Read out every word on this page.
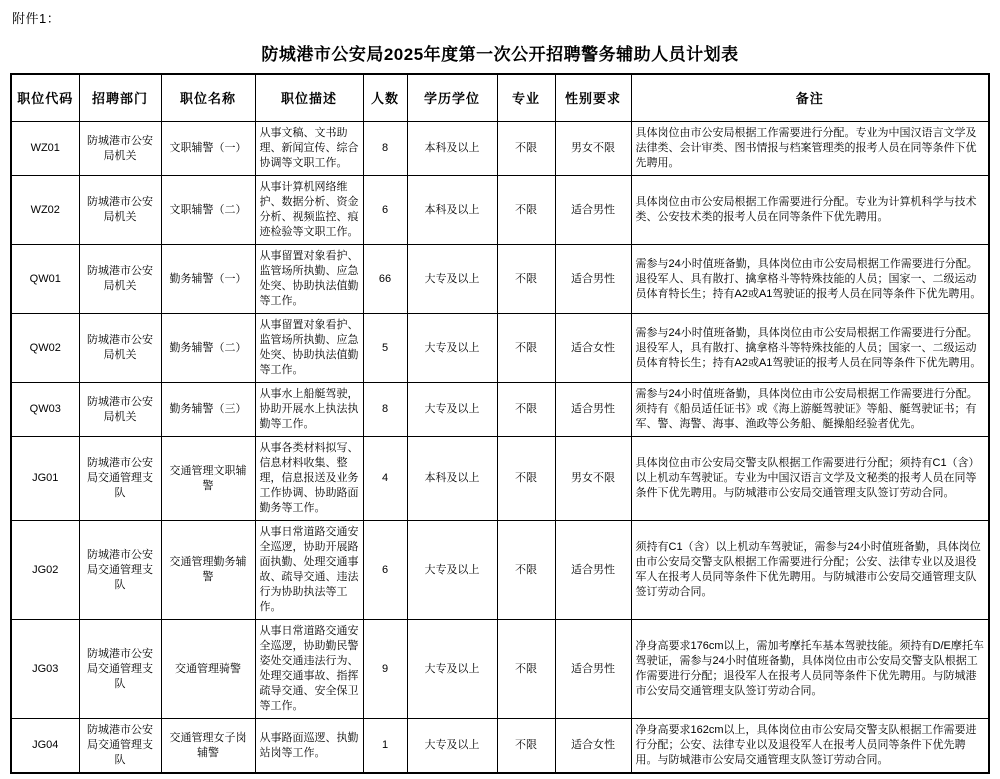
附件1：
防城港市公安局2025年度第一次公开招聘警务辅助人员计划表
职位代码	招聘部门	职位名称	职位描述	人数	学历学位	专业	性别要求	备注
WZ01	防城港市公安局机关	文职辅警（一）	从事文稿、文书助理、新闻宣传、综合协调等文职工作。	8	本科及以上	不限	男女不限	具体岗位由市公安局根据工作需要进行分配。专业为中国汉语言文学及法律类、会计审类、图书情报与档案管理类的报考人员在同等条件下优先聘用。
WZ02	防城港市公安局机关	文职辅警（二）	从事计算机网络维护、数据分析、资金分析、视频监控、痕迹检验等文职工作。	6	本科及以上	不限	适合男性	具体岗位由市公安局根据工作需要进行分配。专业为计算机科学与技术类、公安技术类的报考人员在同等条件下优先聘用。
QW01	防城港市公安局机关	勤务辅警（一）	从事留置对象看护、监管场所执勤、应急处突、协助执法值勤等工作。	66	大专及以上	不限	适合男性	需参与24小时值班备勤，具体岗位由市公安局根据工作需要进行分配。退役军人、具有散打、擒拿格斗等特殊技能的人员；国家一、二级运动员体育特长生；持有A2或A1驾驶证的报考人员在同等条件下优先聘用。
QW02	防城港市公安局机关	勤务辅警（二）	从事留置对象看护、监管场所执勤、应急处突、协助执法值勤等工作。	5	大专及以上	不限	适合女性	需参与24小时值班备勤，具体岗位由市公安局根据工作需要进行分配。退役军人，具有散打、擒拿格斗等特殊技能的人员；国家一、二级运动员体育特长生；持有A2或A1驾驶证的报考人员在同等条件下优先聘用。
QW03	防城港市公安局机关	勤务辅警（三）	从事水上船艇驾驶，协助开展水上执法执勤等工作。	8	大专及以上	不限	适合男性	需参与24小时值班备勤，具体岗位由市公安局根据工作需要进行分配。须持有《船员适任证书》或《海上游艇驾驶证》等船、艇驾驶证书；有军、警、海警、海事、渔政等公务船、艇操船经验者优先。
JG01	防城港市公安局交通管理支队	交通管理文职辅警	从事各类材料拟写、信息材料收集、整理，信息报送及业务工作协调、协助路面勤务等工作。	4	本科及以上	不限	男女不限	具体岗位由市公安局交警支队根据工作需要进行分配；须持有C1（含）以上机动车驾驶证。专业为中国汉语言文学及文秘类的报考人员在同等条件下优先聘用。与防城港市公安局交通管理支队签订劳动合同。
JG02	防城港市公安局交通管理支队	交通管理勤务辅警	从事日常道路交通安全巡逻，协助开展路面执勤、处理交通事故、疏导交通、违法行为协助执法等工作。	6	大专及以上	不限	适合男性	须持有C1（含）以上机动车驾驶证，需参与24小时值班备勤，具体岗位由市公安局交警支队根据工作需要进行分配；公安、法律专业以及退役军人在报考人员同等条件下优先聘用。与防城港市公安局交通管理支队签订劳动合同。
JG03	防城港市公安局交通管理支队	交通管理骑警	从事日常道路交通安全巡逻，协助勤民警姿处交通违法行为、处理交通事故、指挥疏导交通、安全保卫等工作。	9	大专及以上	不限	适合男性	净身高要求176cm以上，需加考摩托车基本驾驶技能。须持有D/E摩托车驾驶证，需参与24小时值班备勤，具体岗位由市公安局交警支队根据工作需要进行分配；退役军人在报考人员同等条件下优先聘用。与防城港市公安局交通管理支队签订劳动合同。
JG04	防城港市公安局交通管理支队	交通管理女子岗辅警	从事路面巡逻、执勤站岗等工作。	1	大专及以上	不限	适合女性	净身高要求162cm以上，具体岗位由市公安局交警支队根据工作需要进行分配；公安、法律专业以及退役军人在报考人员同等条件下优先聘用。与防城港市公安局交通管理支队签订劳动合同。
